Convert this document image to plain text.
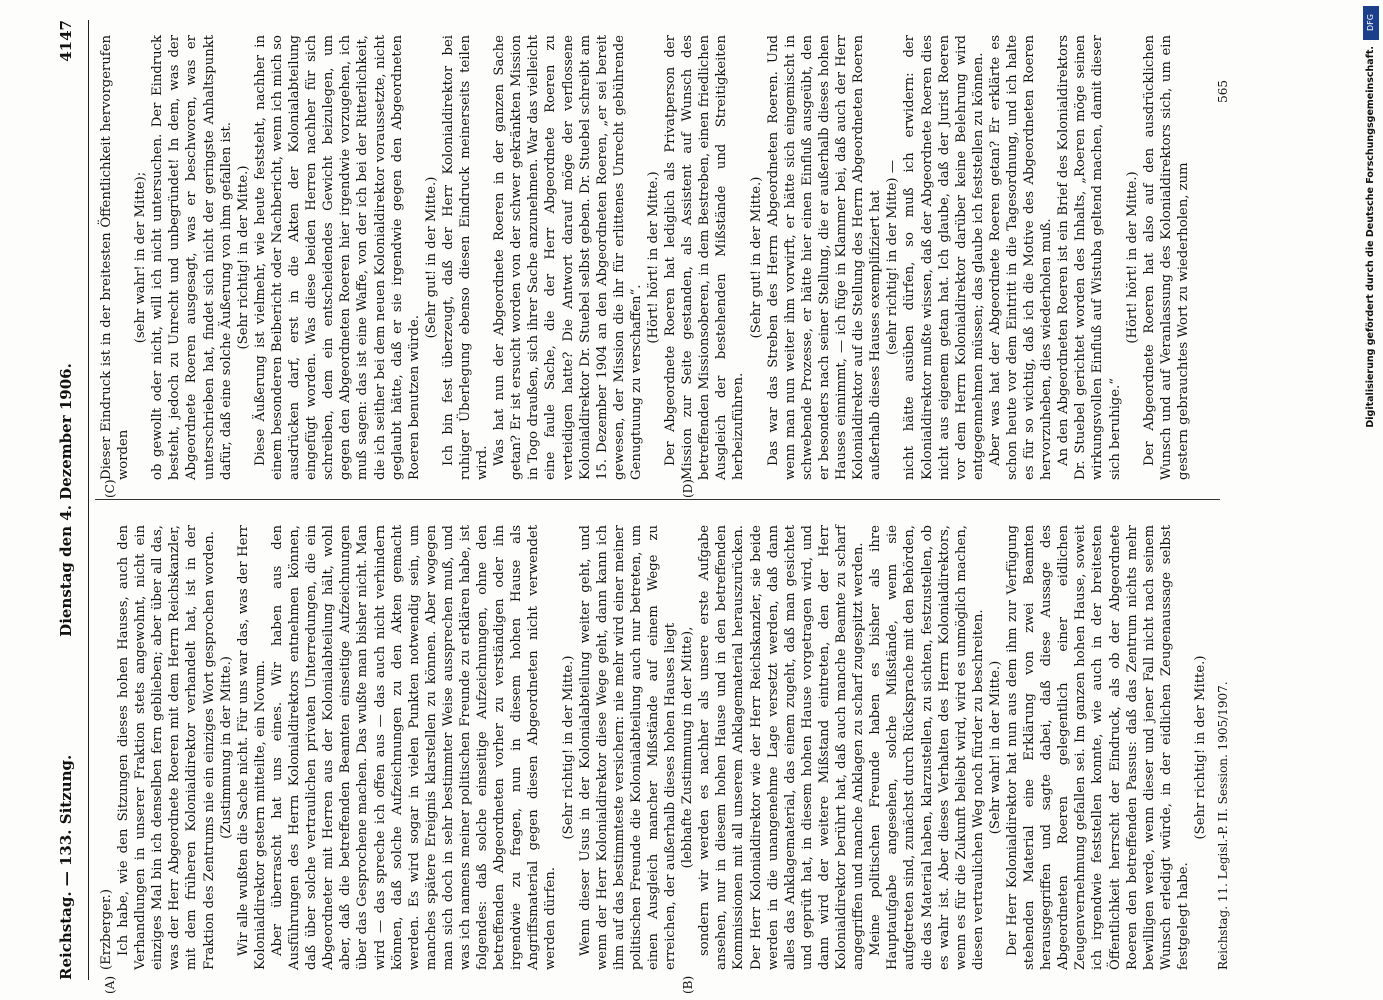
Reichstag. — 133. Sitzung.
Dienstag den 4. Dezember 1906.
4147
(A)	(B)
(C)	(D)

(Erzberger.) Ich habe, wie den Sitzungen dieses hohen Hauses, auch den Verhandlungen in unserer Fraktion stets angewohnt, nicht ein einziges Mal bin ich denselben fern geblieben; aber über all das, was der Herr Abgeordnete Roeren mit dem Herrn Reichskanzler, mit dem früheren Kolonialdirektor verhandelt hat, ist in der Fraktion des Zentrums nie ein einziges Wort gesprochen worden. (Zustimmung in der Mitte.) Wir alle wußten die Sache nicht. Für uns war das, was der Herr Kolonialdirektor gestern mitteilte, ein Novum. Aber überrascht hat uns eines. Wir haben aus den Ausführungen des Herrn Kolonialdirektors entnehmen können, daß über solche vertraulichen privaten Unterredungen, die ein Abgeordneter mit Herren aus der Kolonialabteilung hält, wohl aber, daß die betreffenden Beamten einseitige Aufzeichnungen über das Gesprochene machen. Das wußte man bisher nicht. Man wird — das spreche ich offen aus — das auch nicht verhindern können, daß solche Aufzeichnungen zu den Akten gemacht werden. Es wird sogar in vielen Punkten notwendig sein, um manches spätere Ereignis klarstellen zu können. Aber wogegen man sich doch in sehr bestimmter Weise aussprechen muß, und was ich namens meiner politischen Freunde zu erklären habe, ist folgendes: daß solche einseitige Aufzeichnungen, ohne den betreffenden Abgeordneten vorher zu verständigen oder ihn irgendwie zu fragen, nun in diesem hohen Hause als Angriffsmaterial gegen diesen Abgeordneten nicht verwendet werden dürfen.

(Sehr richtig! in der Mitte.) Wenn dieser Usus in der Kolonialabteilung weiter geht, und wenn der Herr Kolonialdirektor diese Wege geht, dann kann ich ihm auf das bestimmteste versichern: nie mehr wird einer meiner politischen Freunde die Kolonialabteilung auch nur betreten, um einen Ausgleich mancher Mißstände auf einem Wege zu erreichen, der außerhalb dieses hohen Hauses liegt (lebhafte Zustimmung in der Mitte), sondern wir werden es nachher als unsere erste Aufgabe ansehen, nur in diesem hohen Hause und in den betreffenden Kommissionen mit all unserem Anklagematerial herauszurücken. Der Herr Kolonialdirektor wie der Herr Reichskanzler, sie beide werden in die unangenehme Lage versetzt werden, daß dann alles das Anklagematerial, das einem zugeht, daß man gesichtet und geprüft hat, in diesem hohen Hause vorgetragen wird, und dann wird der weitere Mißstand eintreten, den der Herr Kolonialdirektor berührt hat, daß auch manche Beamte zu scharf angegriffen und manche Anklagen zu scharf zugespitzt werden. Meine politischen Freunde haben es bisher als ihre Hauptaufgabe angesehen, solche Mißstände, wenn sie aufgetreten sind, zunächst durch Rücksprache mit den Behörden, die das Material haben, klarzustellen, zu sichten, festzustellen, ob es wahr ist. Aber dieses Verhalten des Herrn Kolonialdirektors, wenn es für die Zukunft beliebt wird, wird es unmöglich machen, diesen vertraulichen Weg noch fürder zu beschreiten. (Sehr wahr! in der Mitte.) Der Herr Kolonialdirektor hat nun aus dem ihm zur Verfügung stehenden Material eine Erklärung von zwei Beamten herausgegriffen und sagte dabei, daß diese Aussage des Abgeordneten Roeren gelegentlich einer eidlichen Zeugenvernehmung gefallen sei. Im ganzen hohen Hause, soweit ich irgendwie feststellen konnte, wie auch in der breitesten Öffentlichkeit herrscht der Eindruck, als ob der Abgeordnete Roeren den betreffenden Passus: daß das Zentrum nichts mehr bewilligen werde, wenn dieser und jener Fall nicht nach seinem Wunsch erledigt würde, in der eidlichen Zeugenaussage selbst festgelegt habe.

(Sehr richtig! in der Mitte.)

Dieser Eindruck ist in der breitesten Öffentlichkeit hervorgerufen worden

(sehr wahr! in der Mitte); ob gewollt oder nicht, will ich nicht untersuchen. Der Eindruck besteht, jedoch zu Unrecht und unbegründet! In dem, was der Abgeordnete Roeren ausgesagt, was er beschworen, was er unterschrieben hat, findet sich nicht der geringste Anhaltspunkt dafür, daß eine solche Äußerung von ihm gefallen ist. (Sehr richtig! in der Mitte.) Diese Äußerung ist vielmehr, wie heute feststeht, nachher in einem besonderen Beibericht oder Nachbericht, wenn ich mich so ausdrücken darf, erst in die Akten der Kolonialabteilung eingefügt worden. Was diese beiden Herren nachher für sich schreiben, dem ein entscheidendes Gewicht beizulegen, um gegen den Abgeordneten Roeren hier irgendwie vorzugehen, ich muß sagen: das ist eine Waffe, von der ich bei der Ritterlichkeit, die ich seither bei dem neuen Kolonialdirektor voraussetzte, nicht geglaubt hätte, daß er sie irgendwie gegen den Abgeordneten Roeren benutzen würde.

(Sehr gut! in der Mitte.) Ich bin fest überzeugt, daß der Herr Kolonialdirektor bei ruhiger Überlegung ebenso diesen Eindruck meinerseits teilen wird. Was hat nun der Abgeordnete Roeren in der ganzen Sache getan? Er ist ersucht worden von der schwer gekränkten Mission in Togo draußen, sich ihrer Sache anzunehmen. War das vielleicht eine faule Sache, die der Herr Abgeordnete Roeren zu verteidigen hatte? Die Antwort darauf möge der verflossene Kolonialdirektor Dr. Stuebel selbst geben. Dr. Stuebel schreibt am 15. Dezember 1904 an den Abgeordneten Roeren, „er sei bereit gewesen, der Mission die ihr für erlittenes Unrecht gebührende Genugtuung zu verschaffen“.

(Hört! hört! in der Mitte.) Der Abgeordnete Roeren hat lediglich als Privatperson der Mission zur Seite gestanden, als Assistent auf Wunsch des betreffenden Missionsoberen, in dem Bestreben, einen friedlichen Ausgleich der bestehenden Mißstände und Streitigkeiten herbeizuführen.

(Sehr gut! in der Mitte.) Das war das Streben des Herrn Abgeordneten Roeren. Und wenn man nun weiter ihm vorwirft, er hätte sich eingemischt in schwebende Prozesse, er hätte hier einen Einfluß ausgeübt, den er besonders nach seiner Stellung, die er außerhalb dieses hohen Hauses einnimmt, — ich füge in Klammer bei, daß auch der Herr Kolonialdirektor auf die Stellung des Herrn Abgeordneten Roeren außerhalb dieses Hauses exemplifiziert hat (sehr richtig! in der Mitte) — nicht hätte ausüben dürfen, so muß ich erwidern: der Kolonialdirektor mußte wissen, daß der Abgeordnete Roeren dies nicht aus eigenem getan hat. Ich glaube, daß der Jurist Roeren vor dem Herrn Kolonialdirektor darüber keine Belehrung wird entgegennehmen müssen; das glaube ich feststellen zu können. Aber was hat der Abgeordnete Roeren getan? Er erklärte es schon heute vor dem Eintritt in die Tagesordnung, und ich halte es für so wichtig, daß ich die Motive des Abgeordneten Roeren hervorzuheben, dies wiederholen muß. An den Abgeordneten Roeren ist ein Brief des Kolonialdirektors Dr. Stuebel gerichtet worden des Inhalts, „Roeren möge seinen wirkungsvollen Einfluß auf Wistuba geltend machen, damit dieser sich beruhige.“

(Hört! hört! in der Mitte.) Der Abgeordnete Roeren hat also auf den ausdrücklichen Wunsch und auf Veranlassung des Kolonialdirektors sich, um ein gestern gebrauchtes Wort zu wiederholen, zum

Reichstag. 11. Legisl.-P. II. Session. 1905/1907.
565
DFG
Digitalisierung gefördert durch die Deutsche Forschungsgemeinschaft.
